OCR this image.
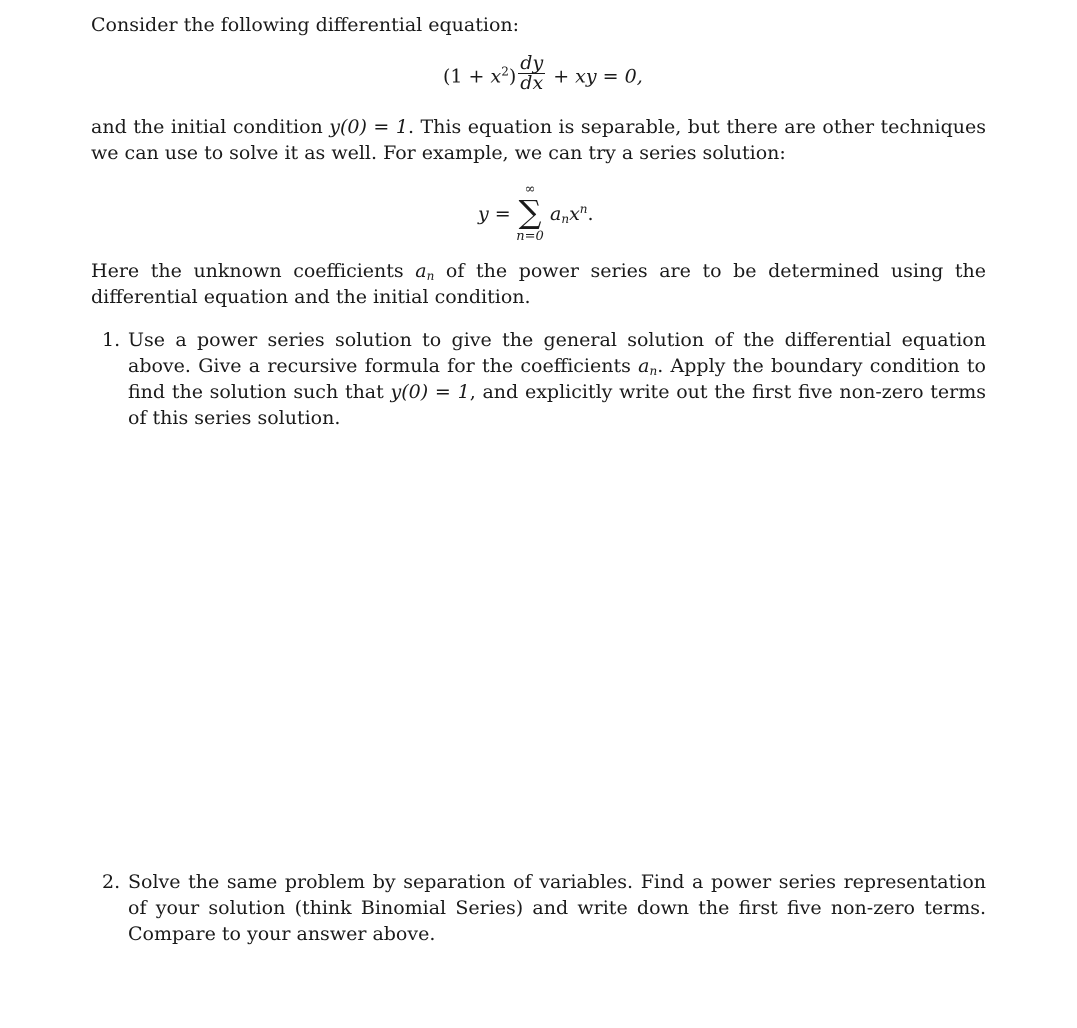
Consider the following differential equation:
$(1 + x^2) \frac{dy}{dx}$ + xy = 0,
and the initial condition y(0) = 1. This equation is separable, but there are other techniques we can use to solve it as well. For example, we can try a series solution:
y =
∞
∑
n=0
$a_nx^n$.
Here the unknown coefficients $a_n$ of the power series are to be determined using the differential equation and the initial condition.
1. Use a power series solution to give the general solution of the differential equation above. Give a recursive formula for the coefficients $a_n$. Apply the boundary condition to find the solution such that y(0) = 1, and explicitly write out the first five non-zero terms of this series solution.
2. Solve the same problem by separation of variables. Find a power series representation of your solution (think Binomial Series) and write down the first five non-zero terms. Compare to your answer above.
